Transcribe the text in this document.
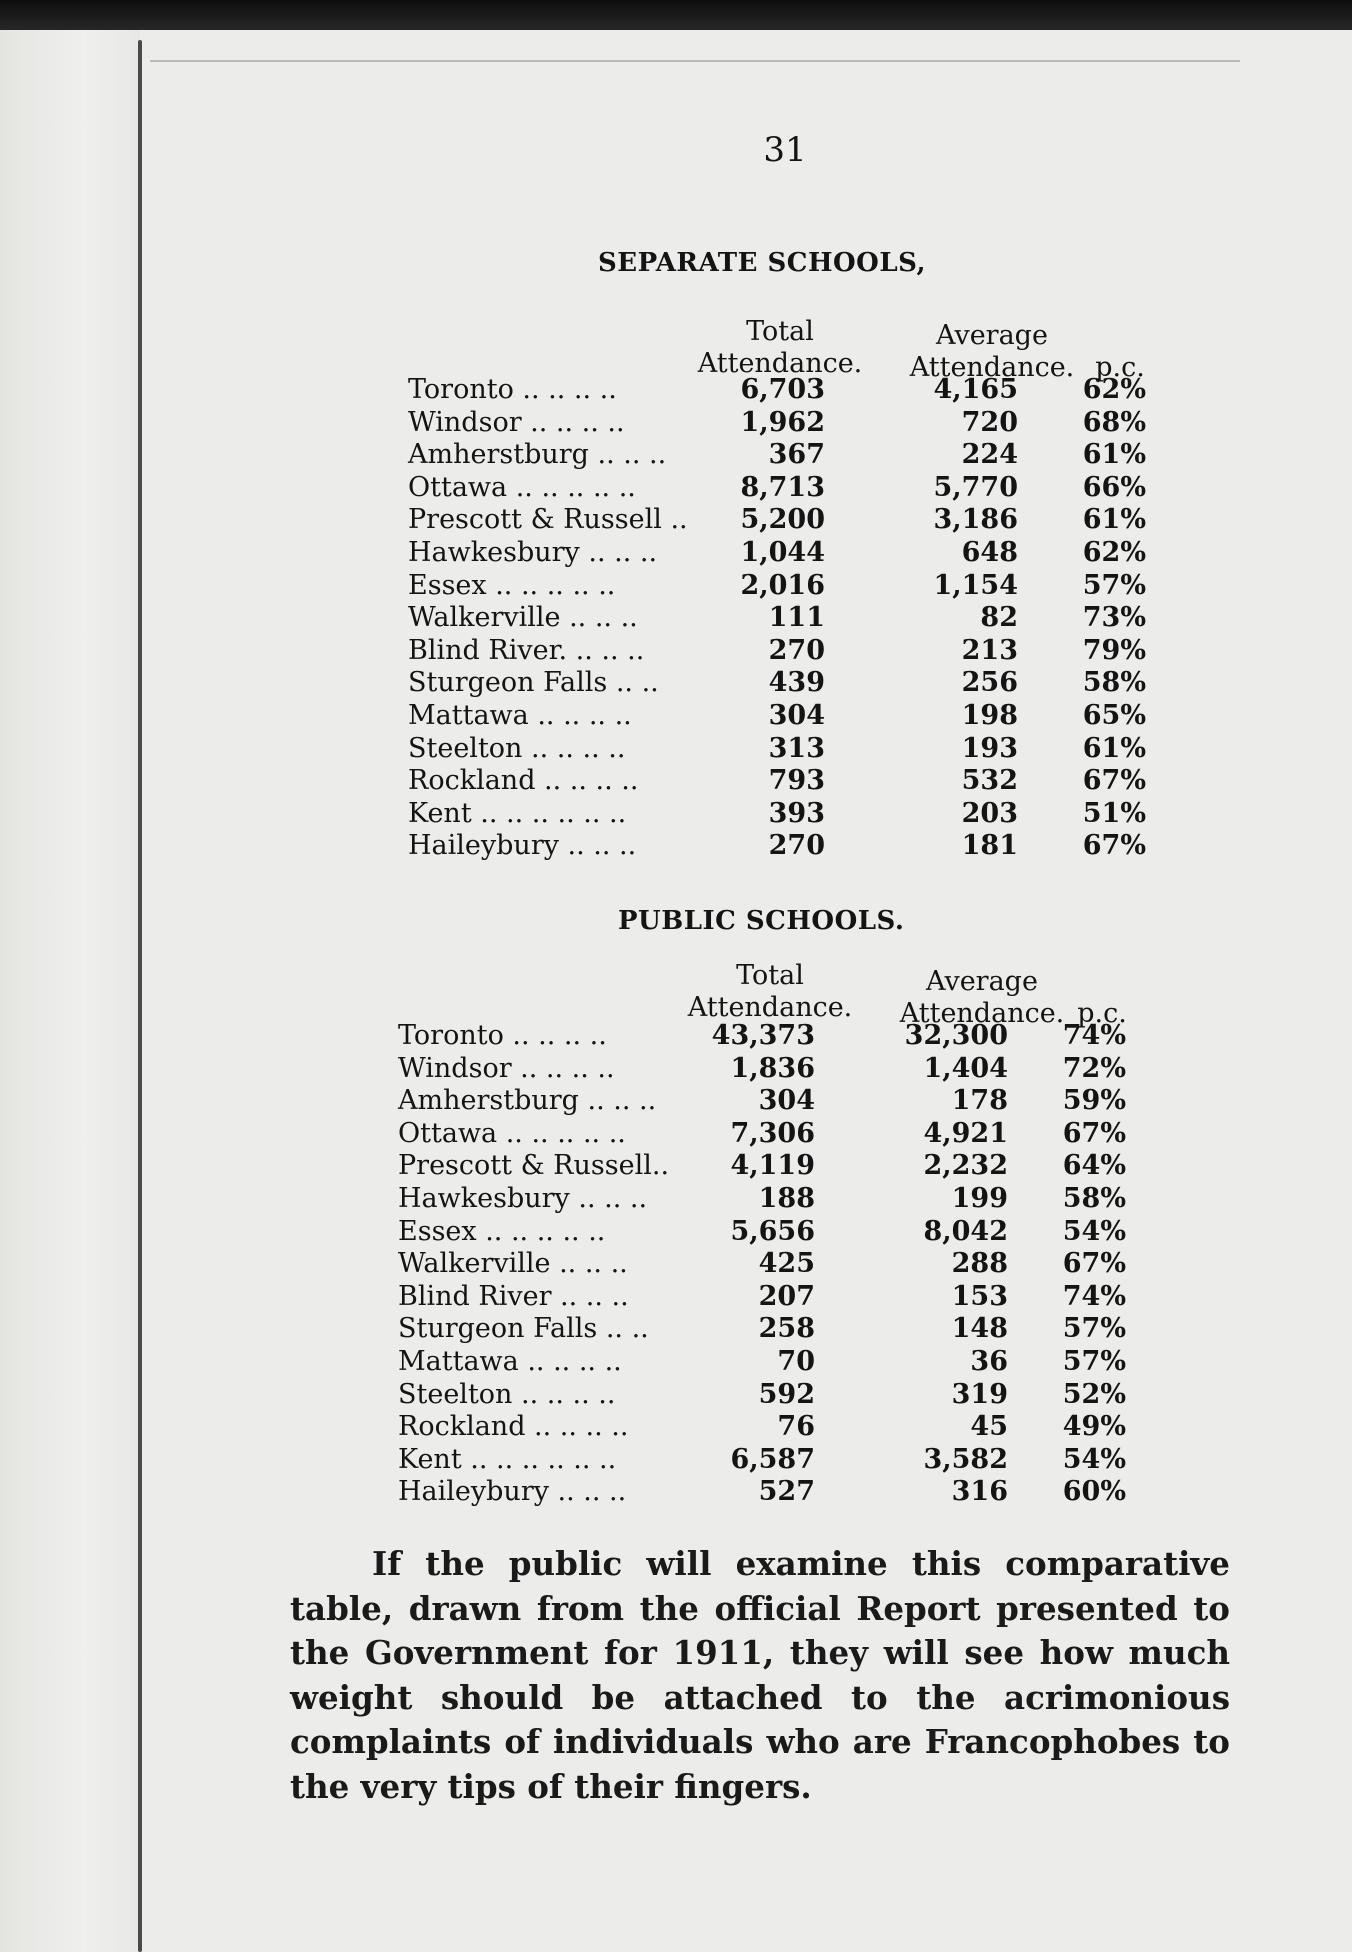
31
SEPARATE SCHOOLS,
Total
Attendance.
Average
Attendance. p.c.
Toronto .. .. .. ..	6,703	4,165 62%
Windsor .. .. .. ..	1,962	720 68%
Amherstburg .. .. ..	367	224 61%
Ottawa .. .. .. .. ..	8,713	5,770 66%
Prescott & Russell .. 5,200	3,186 61%
Hawkesbury .. .. ..	1,044	648 62%
Essex .. .. .. .. ..	2,016	1,154 57%
Walkerville .. .. ..	111	82 73%
Blind River. .. .. ..	270	213 79%
Sturgeon Falls .. ..	439	256 58%
Mattawa .. .. .. ..	304	198 65%
Steelton .. .. .. ..	313	193 61%
Rockland .. .. .. ..	793	532 67%
Kent .. .. .. .. .. ..	393	203 51%
Haileybury .. .. ..	270	181 67%
PUBLIC SCHOOLS.
Total
Attendance.
Average
Attendance. p.c.
Toronto .. .. .. ..	43,373	32,300 74%
Windsor .. .. .. ..	1,836	1,404 72%
Amherstburg .. .. ..	304	178 59%
Ottawa .. .. .. .. ..	7,306	4,921 67%
Prescott & Russell.. 4,119	2,232 64%
Hawkesbury .. .. ..	188	199 58%
Essex .. .. .. .. ..	5,656	8,042 54%
Walkerville .. .. ..	425	288 67%
Blind River .. .. ..	207	153 74%
Sturgeon Falls .. ..	258	148 57%
Mattawa .. .. .. ..	70	36 57%
Steelton .. .. .. ..	592	319 52%
Rockland .. .. .. ..	76	45 49%
Kent .. .. .. .. .. ..	6,587	3,582 54%
Haileybury .. .. ..	527	316 60%
If the public will examine this comparative table, drawn from the official Report presented to the Government for 1911, they will see how much weight should be attached to the acrimonious complaints of individuals who are Francophobes to the very tips of their fingers.
